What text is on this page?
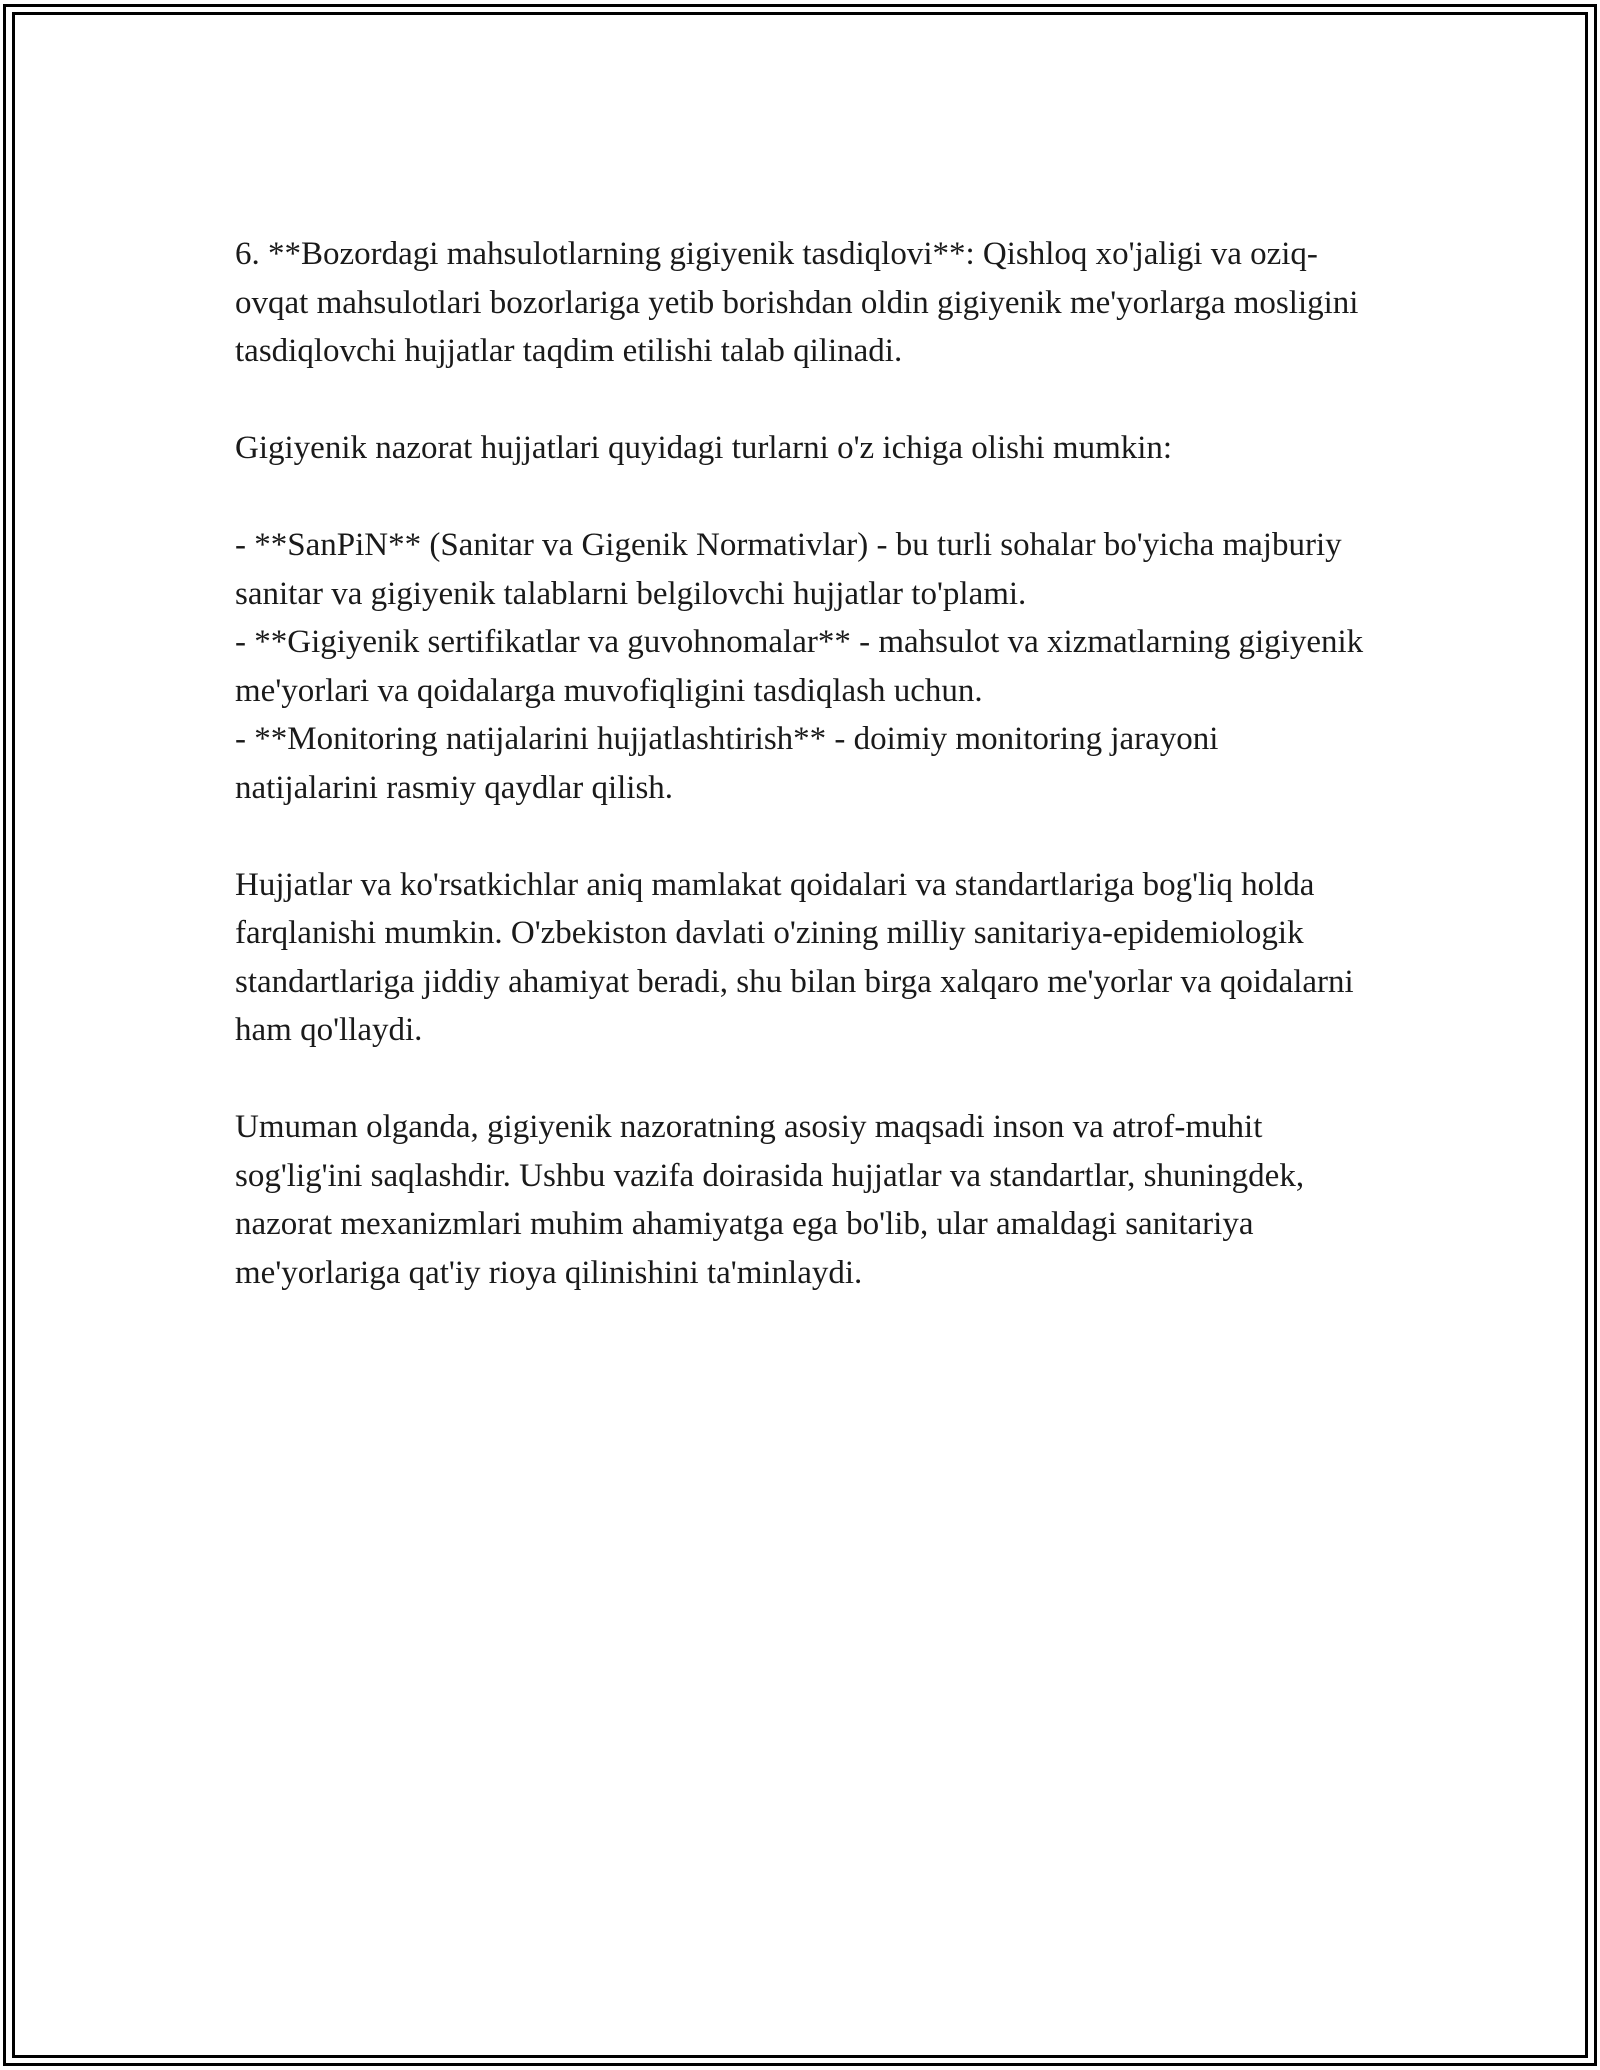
6. **Bozordagi mahsulotlarning gigiyenik tasdiqlovi**: Qishloq xo'jaligi va oziq-ovqat mahsulotlari bozorlariga yetib borishdan oldin gigiyenik me'yorlarga mosligini tasdiqlovchi hujjatlar taqdim etilishi talab qilinadi.

Gigiyenik nazorat hujjatlari quyidagi turlarni o'z ichiga olishi mumkin:

- **SanPiN** (Sanitar va Gigenik Normativlar) - bu turli sohalar bo'yicha majburiy sanitar va gigiyenik talablarni belgilovchi hujjatlar to'plami.

- **Gigiyenik sertifikatlar va guvohnomalar** - mahsulot va xizmatlarning gigiyenik me'yorlari va qoidalarga muvofiqligini tasdiqlash uchun.

- **Monitoring natijalarini hujjatlashtirish** - doimiy monitoring jarayoni natijalarini rasmiy qaydlar qilish.

Hujjatlar va ko'rsatkichlar aniq mamlakat qoidalari va standartlariga bog'liq holda farqlanishi mumkin. O'zbekiston davlati o'zining milliy sanitariya-epidemiologik standartlariga jiddiy ahamiyat beradi, shu bilan birga xalqaro me'yorlar va qoidalarni ham qo'llaydi.

Umuman olganda, gigiyenik nazoratning asosiy maqsadi inson va atrof-muhit sog'lig'ini saqlashdir. Ushbu vazifa doirasida hujjatlar va standartlar, shuningdek, nazorat mexanizmlari muhim ahamiyatga ega bo'lib, ular amaldagi sanitariya me'yorlariga qat'iy rioya qilinishini ta'minlaydi.
